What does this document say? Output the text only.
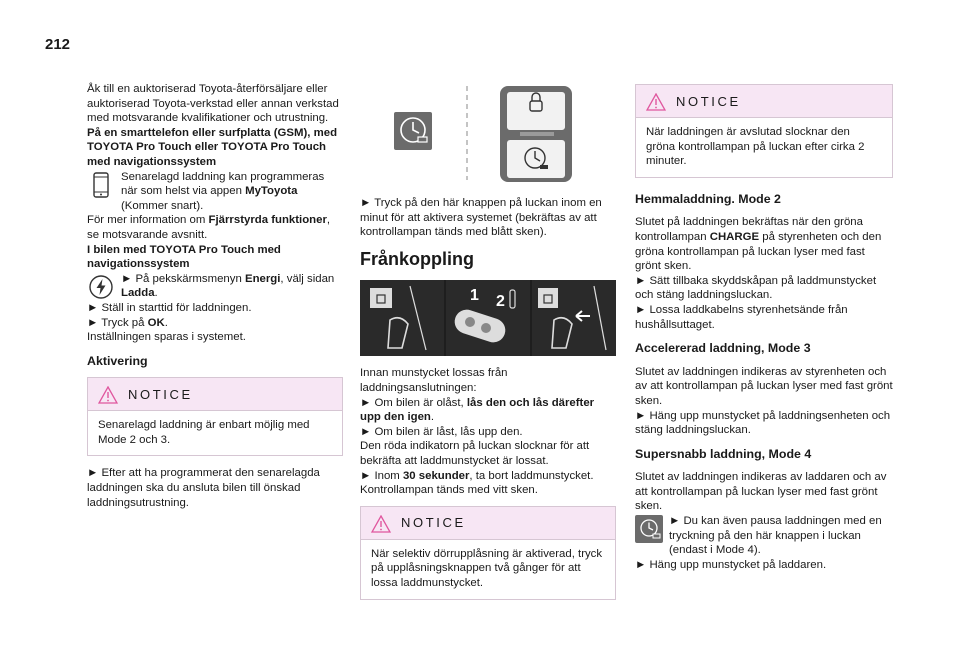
212

Åk till en auktoriserad Toyota-återförsäljare eller auktoriserad Toyota-verkstad eller annan verkstad med motsvarande kvalifikationer och utrustning.

På en smarttelefon eller surfplatta (GSM), med TOYOTA Pro Touch eller TOYOTA Pro Touch med navigationssystem

Senarelagd laddning kan programmeras när som helst via appen MyToyota (Kommer snart).

För mer information om Fjärrstyrda funktioner, se motsvarande avsnitt.

I bilen med TOYOTA Pro Touch med navigationssystem

► På pekskärmsmenyn Energi, välj sidan Ladda.

► Ställ in starttid för laddningen.

► Tryck på OK.

Inställningen sparas i systemet.

Aktivering
NOTICE
Senarelagd laddning är enbart möjlig med Mode 2 och 3.

► Efter att ha programmerat den senarelagda laddningen ska du ansluta bilen till önskad laddningsutrustning.

► Tryck på den här knappen på luckan inom en minut för att aktivera systemet (bekräftas av att kontrollampan tänds med blått sken).

Frånkoppling
1 2

Innan munstycket lossas från laddningsanslutningen:

► Om bilen är olåst, lås den och lås därefter upp den igen.

► Om bilen är låst, lås upp den.

Den röda indikatorn på luckan slocknar för att bekräfta att laddmunstycket är lossat.

► Inom 30 sekunder, ta bort laddmunstycket.

Kontrollampan tänds med vitt sken.

NOTICE
När selektiv dörrupplåsning är aktiverad, tryck på upplåsningsknappen två gånger för att lossa laddmunstycket.
NOTICE
När laddningen är avslutad slocknar den gröna kontrollampan på luckan efter cirka 2 minuter.
Hemmaladdning. Mode 2

Slutet på laddningen bekräftas när den gröna kontrollampan CHARGE på styrenheten och den gröna kontrollampan på luckan lyser med fast grönt sken.

► Sätt tillbaka skyddskåpan på laddmunstycket och stäng laddningsluckan.

► Lossa laddkabelns styrenhetsände från hushållsuttaget.

Accelererad laddning, Mode 3

Slutet av laddningen indikeras av styrenheten och av att kontrollampan på luckan lyser med fast grönt sken.

► Häng upp munstycket på laddningsenheten och stäng laddningsluckan.

Supersnabb laddning, Mode 4

Slutet av laddningen indikeras av laddaren och av att kontrollampan på luckan lyser med fast grönt sken.

► Du kan även pausa laddningen med en tryckning på den här knappen i luckan (endast i Mode 4).

► Häng upp munstycket på laddaren.
